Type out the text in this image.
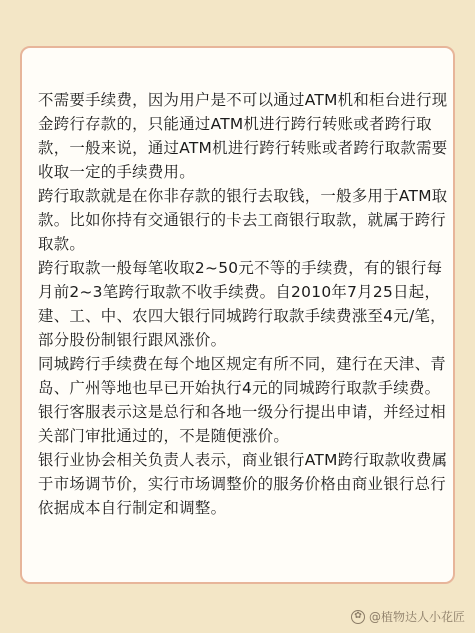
不需要手续费，因为用户是不可以通过ATM机和柜台进行现金跨行存款的，只能通过ATM机进行跨行转账或者跨行取款，一般来说，通过ATM机进行跨行转账或者跨行取款需要收取一定的手续费用。

跨行取款就是在你非存款的银行去取钱，一般多用于ATM取款。比如你持有交通银行的卡去工商银行取款，就属于跨行取款。

跨行取款一般每笔收取2~50元不等的手续费，有的银行每月前2~3笔跨行取款不收手续费。自2010年7月25日起，建、工、中、农四大银行同城跨行取款手续费涨至4元/笔，部分股份制银行跟风涨价。

同城跨行手续费在每个地区规定有所不同，建行在天津、青岛、广州等地也早已开始执行4元的同城跨行取款手续费。银行客服表示这是总行和各地一级分行提出申请，并经过相关部门审批通过的，不是随便涨价。

银行业协会相关负责人表示，商业银行ATM跨行取款收费属于市场调节价，实行市场调整价的服务价格由商业银行总行依据成本自行制定和调整。

✿ @植物达人小花匠
